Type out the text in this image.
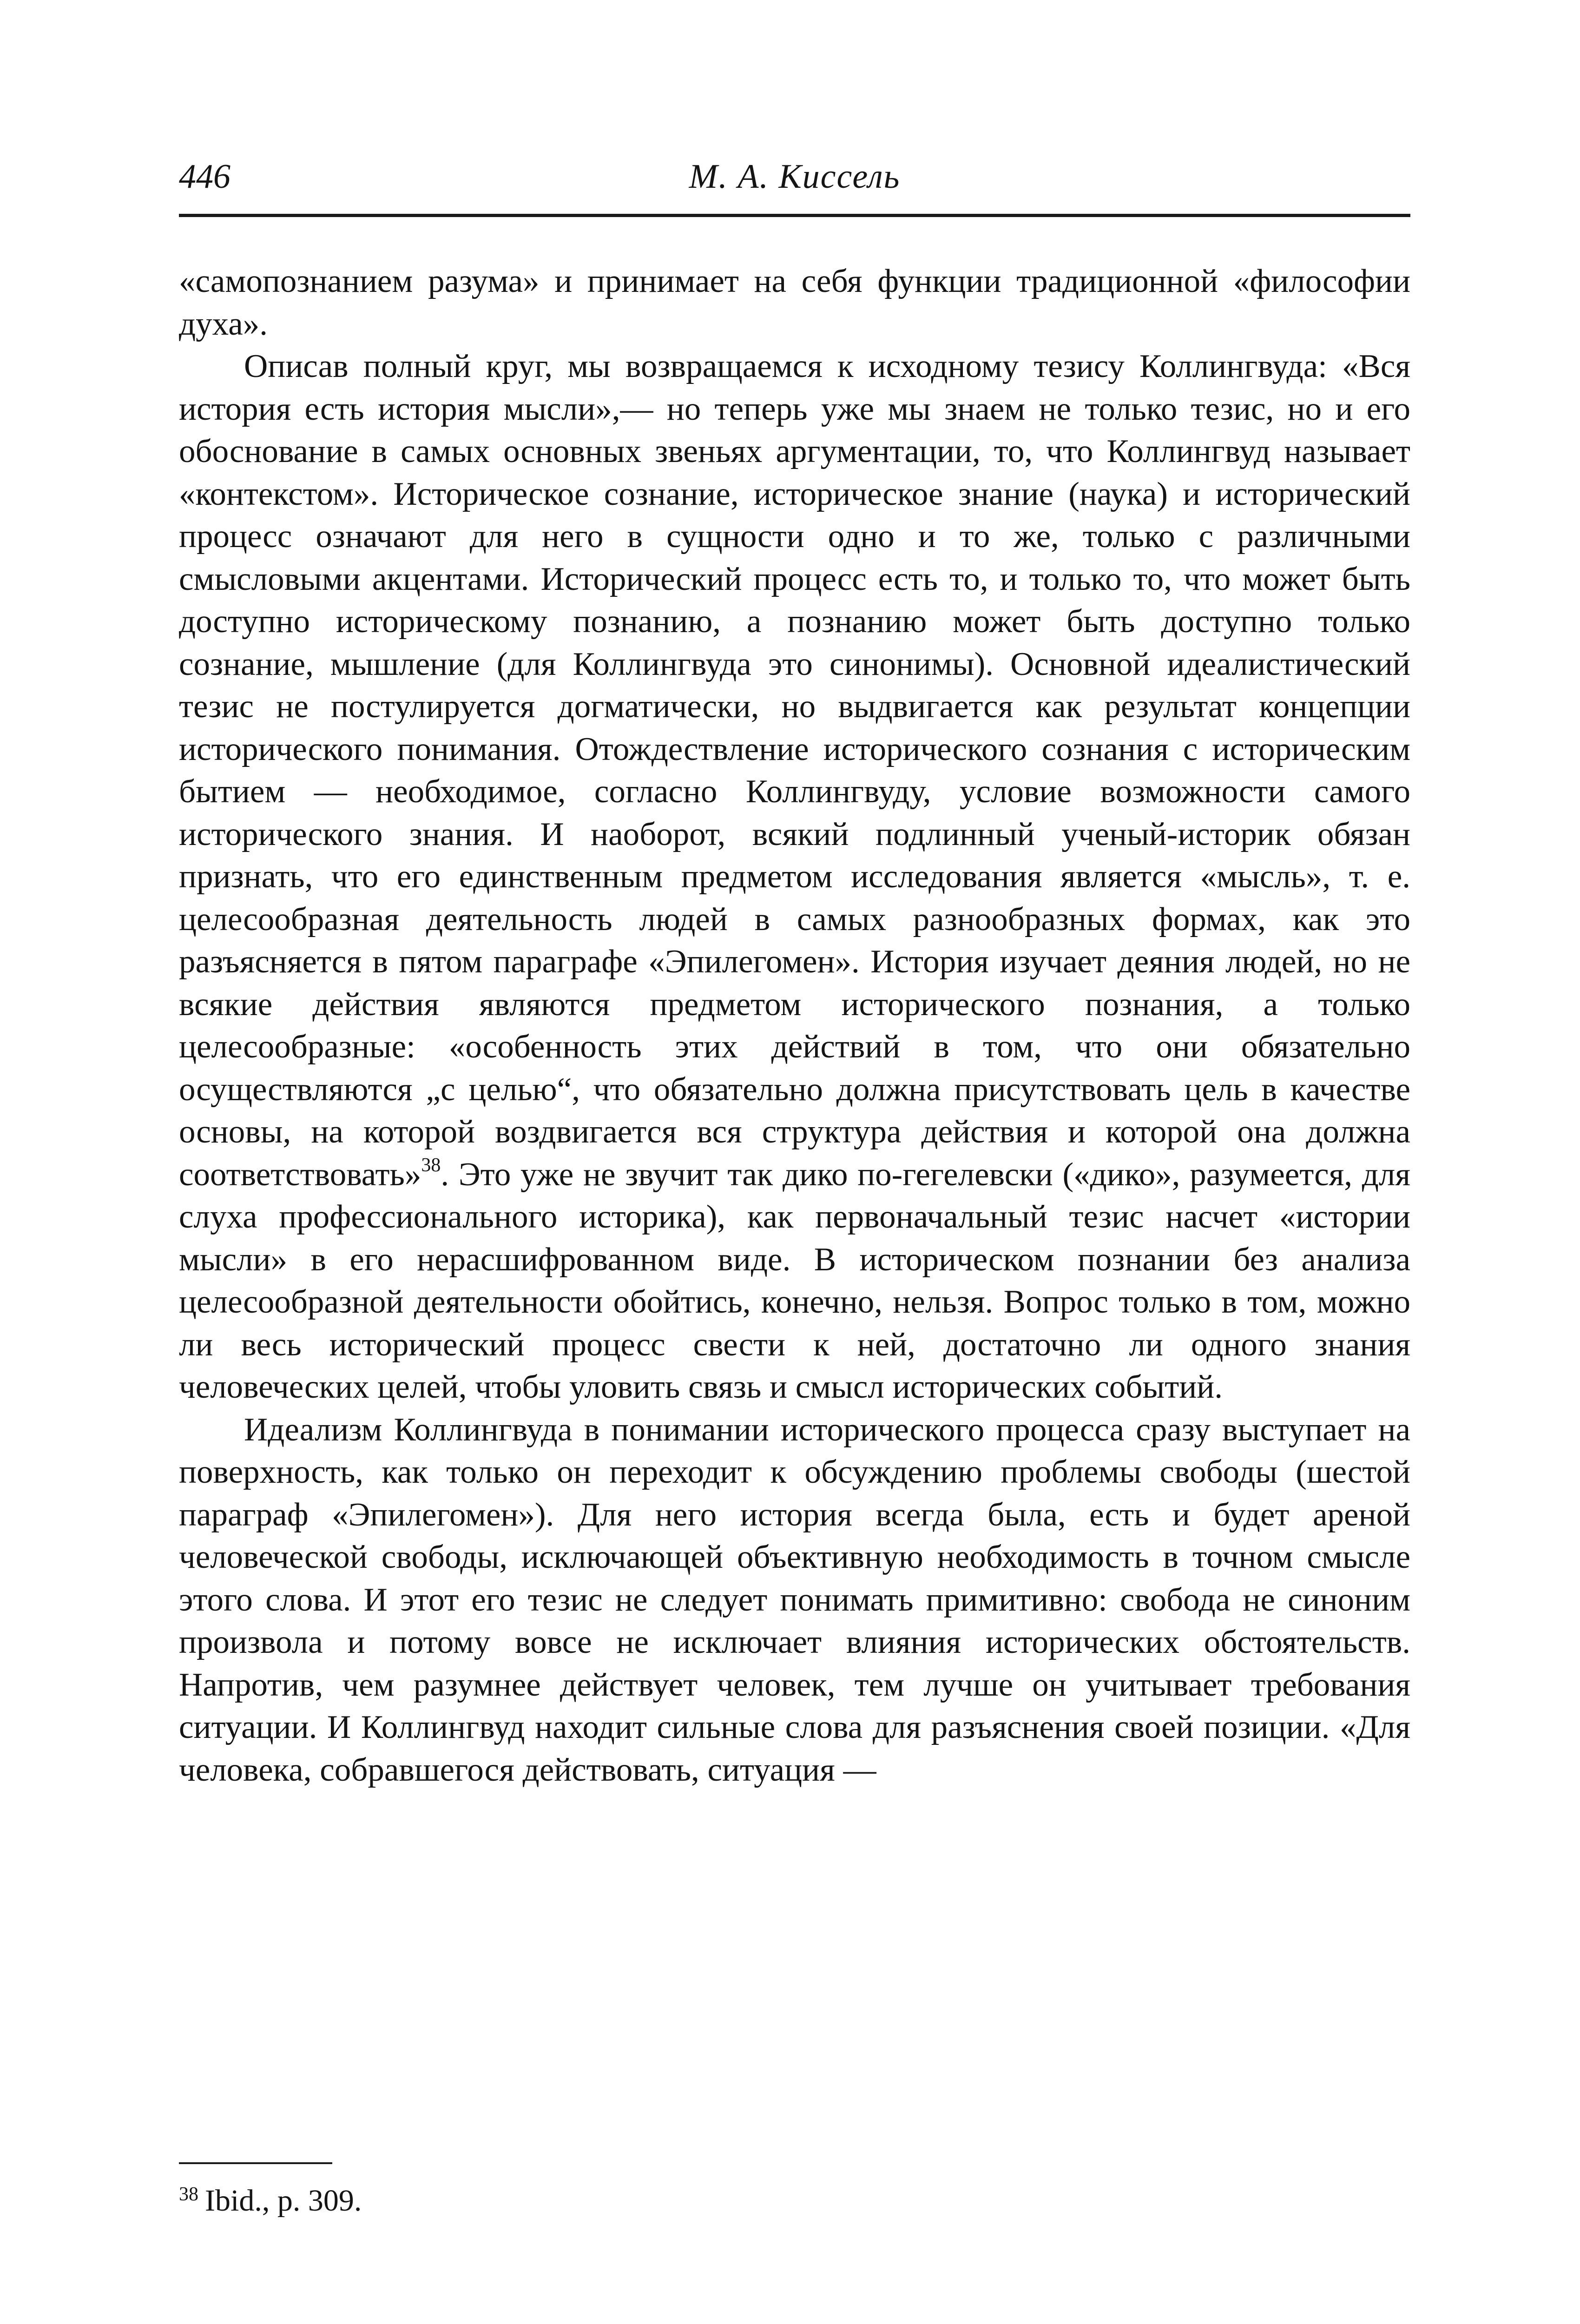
446	М. А. Киссель

«самопознанием разума» и принимает на себя функции традиционной «философии духа».

Описав полный круг, мы возвращаемся к исходному тезису Коллингвуда: «Вся история есть история мысли»,— но теперь уже мы знаем не только тезис, но и его обоснование в самых основных звеньях аргументации, то, что Коллингвуд называет «контекстом». Историческое сознание, историческое знание (наука) и исторический процесс означают для него в сущности одно и то же, только с различными смысловыми акцентами. Исторический процесс есть то, и только то, что может быть доступно историческому познанию, а познанию может быть доступно только сознание, мышление (для Коллингвуда это синонимы). Основной идеалистический тезис не постулируется догматически, но выдвигается как результат концепции исторического понимания. Отождествление исторического сознания с историческим бытием — необходимое, согласно Коллингвуду, условие возможности самого исторического знания. И наоборот, всякий подлинный ученый-историк обязан признать, что его единственным предметом исследования является «мысль», т. е. целесообразная деятельность людей в самых разнообразных формах, как это разъясняется в пятом параграфе «Эпилегомен». История изучает деяния людей, но не всякие действия являются предметом исторического познания, а только целесообразные: «особенность этих действий в том, что они обязательно осуществляются „с целью“, что обязательно должна присутствовать цель в качестве основы, на которой воздвигается вся структура действия и которой она должна соответствовать»$^{38}$. Это уже не звучит так дико по-гегелевски («дико», разумеется, для слуха профессионального историка), как первоначальный тезис насчет «истории мысли» в его нерасшифрованном виде. В историческом познании без анализа целесообразной деятельности обойтись, конечно, нельзя. Вопрос только в том, можно ли весь исторический процесс свести к ней, достаточно ли одного знания человеческих целей, чтобы уловить связь и смысл исторических событий.

Идеализм Коллингвуда в понимании исторического процесса сразу выступает на поверхность, как только он переходит к обсуждению проблемы свободы (шестой параграф «Эпилегомен»). Для него история всегда была, есть и будет ареной человеческой свободы, исключающей объективную необходимость в точном смысле этого слова. И этот его тезис не следует понимать примитивно: свобода не синоним произвола и потому вовсе не исключает влияния исторических обстоятельств. Напротив, чем разумнее действует человек, тем лучше он учитывает требования ситуации. И Коллингвуд находит сильные слова для разъяснения своей позиции. «Для человека, собравшегося действовать, ситуация —

$^{38}$ Ibid., p. 309.
